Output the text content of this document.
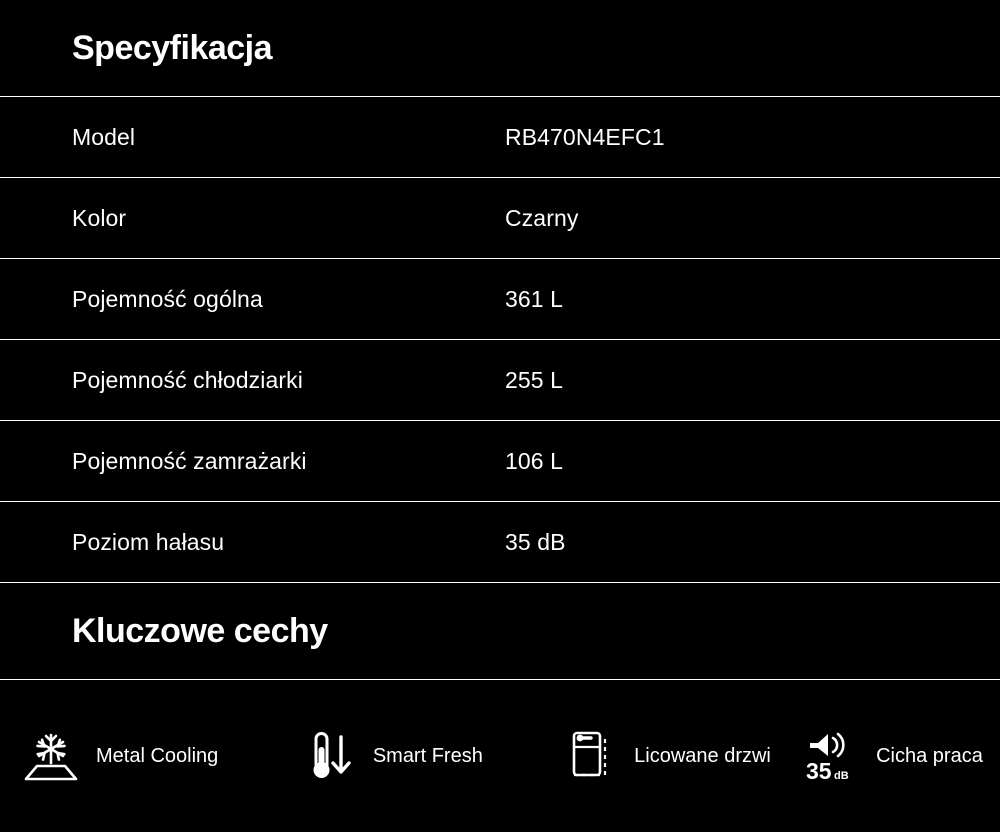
Specyfikacja
Model	RB470N4EFC1
Kolor	Czarny
Pojemność ogólna	361 L
Pojemność chłodziarki	255 L
Pojemność zamrażarki	106 L
Poziom hałasu	35 dB
Kluczowe cechy
Metal Cooling	Smart Fresh	Licowane drzwi
35 dB
Cicha praca
